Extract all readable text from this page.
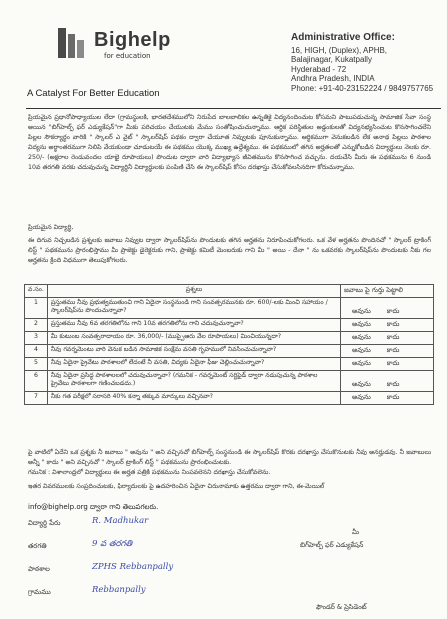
Bighelp
for education
A Catalyst For Better Education
Administrative Office:
16, HIGH, (Duplex), APHB,
Balajinagar, Kukatpally
Hyderabad - 72
Andhra Pradesh, INDIA
Phone: +91-40-23152224 / 9849757765
ప్రియమైన ప్రధానోపాధ్యాయుల లేదా (గ్రామస్థులకి, భారతదేశములోని నిరుపేద బాలబాలికల ఉన్నతికై విద్యనందించుట కోసమని పాటుపడుచున్న సామాజిక సేవా సంస్థ అయిన "బిగ్‌హెల్ప్ ఫర్ ఎడ్యుకేషన్"గా మీకు పరిచయం చేయుటకు మేము సంతోషించుచున్నాము. ఆర్థిక పరిస్థితుల అడ్డంకులతో విద్యనభ్యసించుట కొనసాగించలేని పిల్లల సౌకర్యార్థం వారికి " స్కాలర్ ఎ వైట్ " స్కాలర్‌షిప్ పథకం ద్వారా చేయూత నివ్వుటకు పూనుకున్నాము. ఆర్థికముగా వెనుకబడిన లేక అనాథ పిల్లలు పాఠశాల విద్యను అర్థాంతరముగా నిలిపి వేయకుండా చూడుటయే ఈ పథకము యొక్క ముఖ్య ఉద్దేశ్యము. ఈ పథకములో తగిన అర్హతలతో ఎన్నుకోబడిన విద్యార్థులు నెలకు రూ. 250/- (అక్షరాల రెండువందల యాభై రూపాయలు) పొందుట ద్వారా వారి విద్యాభ్యాస జీవితమును కొనసాగించ వచ్చును. దయచేసి మీరు ఈ పథకమును 6 నుండి 10వ తరగతి వరకు చదువుచున్న విద్యార్థినీ విద్యార్థులకు పంపిణి చేసి ఈ స్కాలర్‌షిప్ కోసం దరఖాస్తు చేసుకోవలసినదిగా కోరుచున్నాము.
ప్రియమైన విద్యార్థి,
ఈ దిగువ నిచ్చబడిన ప్రశ్నలకు జవాబు నివ్వుట ద్వారా స్కాలర్‌షిప్‌ను పొందుటకు తగిన అర్హతను నిరూపించుకోగలరు. ఒక వేళ అర్హతను పొందినచో " స్కాలర్ ట్రాకింగ్ లిస్ట్ " పథకమును ప్రారంభిస్తాము మీ ప్రాజెక్టు డైరెక్టరుకు గాని, ప్రాజెక్టు కమిటీ మెంబరుకు గాని మీ " అయి - దేనా " ను ఒకవరకు స్కాలర్‌షిప్‌ను పొందుటకు నీకు గల అర్హతను క్రింది విధముగా తెలుపుకోగలరు.
వ.సం.	ప్రశ్నలు	జవాబు పై గుర్తు పెట్టాలి
1	ప్రస్తుతము నీవు ప్రభుత్వముతుంచి గాని ఏదైనా సంస్థనుండి గాని సంవత్సరమునకు రూ. 600/-లకు మించి సహాయం / స్కాలర్‌షిప్‌ను పొందుచున్నావా?	అవును కాదు
2	ప్రస్తుతము నీవు 6వ తరగతిలోను గాని 10వ తరగతిలోను గాని చదువుచున్నావా?	అవును కాదు
3	మీ కుటుంబ సంవత్సరాదాయం రూ. 36,000/- (ముప్పైఆరు వేల రూపాయలు) మించియున్నదా?	అవును కాదు
4	నీవు గవర్నమెంటు వారి వెనుక బడిన సామాజిక సంక్షేమ వసతి గృహములో నివసించుచున్నావా?	అవును కాదు
5	నీవు ఏదైనా ప్రైవేటు పాఠశాలలో లేదంటే నీ వసతి, విద్యకు ఏదైనా ఫీజు చెల్లించుచున్నావా?	అవును కాదు
6	నీవు ఏదైనా ప్రసిద్ధ పాఠశాలలలో చదువుచున్నావా? (గమనిక - గవర్నమెంట్ సర్టిఫైడ్ ద్వారా నడుపుచున్న పాఠశాల ప్రైవేటు పాఠశాలగా గణించబడదు.)	అవును కాదు
7	నీకు గత పరీక్షలో సరాసరి 40% కన్నా తక్కువ మార్కులు వచ్చినవా?	అవును కాదు
పై వాటిలో ఏదేని ఒక ప్రశ్నకు నీ జవాబు " అవును " అని వచ్చినచో బిగ్‌హెల్ప్ సంస్థనుండి ఈ స్కాలర్‌షిప్ కొరకు దరఖాస్తు చేసుకొనుటకు నీవు అనర్హుడవు. నీ జవాబులు అన్నీ " కాదు " అని వచ్చినచో " స్కాలర్ ట్రాకింగ్ లిస్ట్ " పథకమును ప్రారంభించుటకు.
గమనిక : విశాలాంధ్రలో విద్యార్థులు ఈ అర్హత పత్రికి పథకమును నింపవలెనని దరఖాస్తు చేసుకోవలెను.
ఇతర వివరములకు సంప్రదించుటకు, ఫిర్యాదులకు పై ఉదహరించిన ఏదైనా చిరునామాకు ఉత్తరము ద్వారా గాని, ఈ-మెయిల్
info@bighelp.org ద్వారా గాని తెలుపగలరు.
విద్యార్థి పేరు	R. Madhukar
తరగతి	9 వ తరగతి
పాఠశాల	ZPHS Rebbanpally
గ్రామము	Rebbanpally
మీ
బిగ్‌హెల్ప్ ఫర్ ఎడ్యుకేషన్
ఫౌండర్ & ప్రెసిడెంట్
